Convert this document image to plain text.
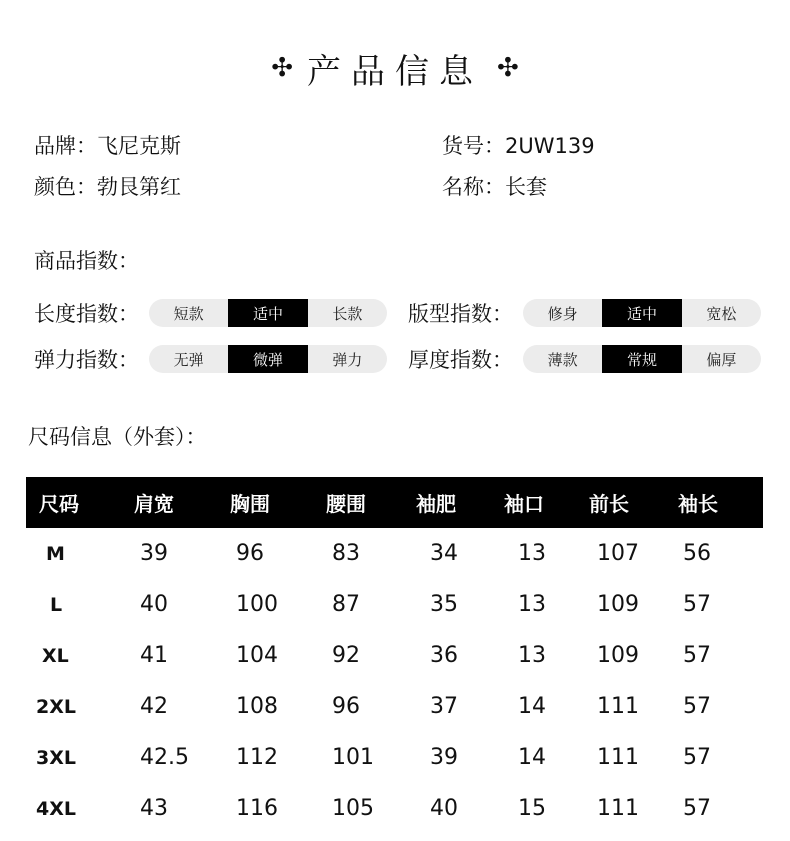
✣ 产品信息 ✣
品牌：飞尼克斯	货号：2UW139
颜色：勃艮第红	名称：长套
商品指数：
长度指数：	短款	适中	长款	版型指数：	修身	适中	宽松
弹力指数：	无弹	微弹	弹力	厚度指数：	薄款	常规	偏厚
尺码信息（外套）：
尺码	肩宽	胸围	腰围	袖肥 袖口 前长 袖长
M	39	96	83	34	13 107 56
L	40	100 87	35	13 109 57
XL	41	104 92	36	13 109 57
2XL	42	108 96	37	14 111 57
3XL	42.5 112 101	39	14 111 57
4XL	43	116 105	40	15 111 57
